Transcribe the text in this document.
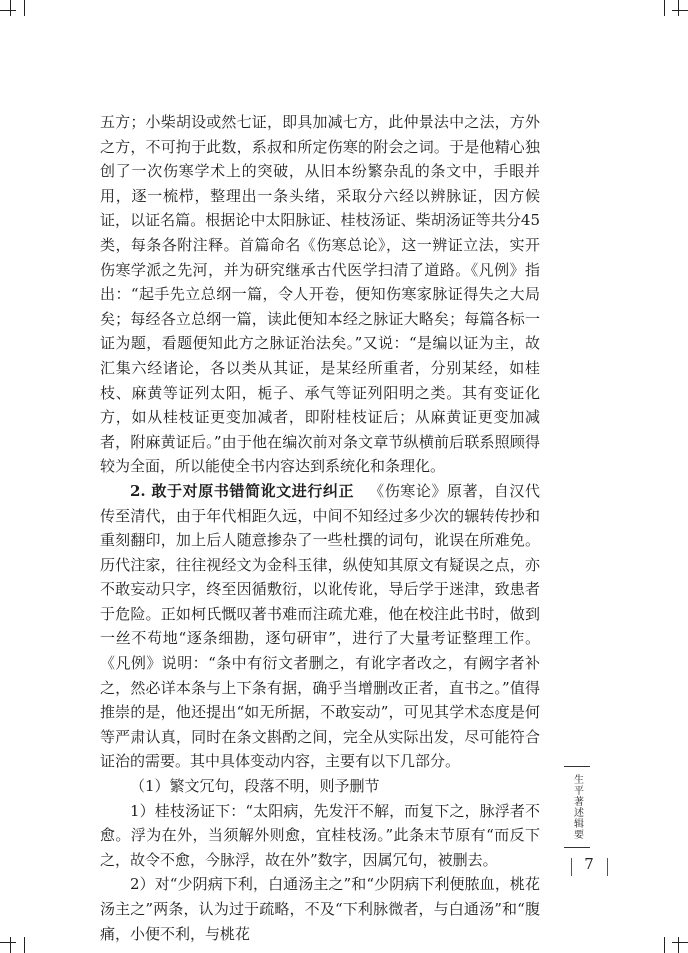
五方；小柴胡设或然七证，即具加减七方，此仲景法中之法，方外之方，不可拘于此数，系叔和所定伤寒的附会之词。于是他精心独创了一次伤寒学术上的突破，从旧本纷繁杂乱的条文中，手眼并用，逐一梳栉，整理出一条头绪，采取分六经以辨脉证，因方候证，以证名篇。根据论中太阳脉证、桂枝汤证、柴胡汤证等共分45类，每条各附注释。首篇命名《伤寒总论》，这一辨证立法，实开伤寒学派之先河，并为研究继承古代医学扫清了道路。《凡例》指出：“起手先立总纲一篇，令人开卷，便知伤寒家脉证得失之大局矣；每经各立总纲一篇，读此便知本经之脉证大略矣；每篇各标一证为题，看题便知此方之脉证治法矣。”又说：“是编以证为主，故汇集六经诸论，各以类从其证，是某经所重者，分别某经，如桂枝、麻黄等证列太阳，栀子、承气等证列阳明之类。其有变证化方，如从桂枝证更变加减者，即附桂枝证后；从麻黄证更变加减者，附麻黄证后。”由于他在编次前对条文章节纵横前后联系照顾得较为全面，所以能使全书内容达到系统化和条理化。

2. 敢于对原书错简讹文进行纠正 《伤寒论》原著，自汉代传至清代，由于年代相距久远，中间不知经过多少次的辗转传抄和重刻翻印，加上后人随意掺杂了一些杜撰的词句，讹误在所难免。历代注家，往往视经文为金科玉律，纵使知其原文有疑误之点，亦不敢妄动只字，终至因循敷衍，以讹传讹，导后学于迷津，致患者于危险。正如柯氏慨叹著书难而注疏尤难，他在校注此书时，做到一丝不苟地“逐条细勘，逐句研审”，进行了大量考证整理工作。《凡例》说明：“条中有衍文者删之，有讹字者改之，有阙字者补之，然必详本条与上下条有据，确乎当增删改正者，直书之。”值得推崇的是，他还提出“如无所据，不敢妄动”，可见其学术态度是何等严肃认真，同时在条文斟酌之间，完全从实际出发，尽可能符合证治的需要。其中具体变动内容，主要有以下几部分。

（1）繁文冗句，段落不明，则予删节

1）桂枝汤证下：“太阳病，先发汗不解，而复下之，脉浮者不愈。浮为在外，当须解外则愈，宜桂枝汤。”此条末节原有“而反下之，故令不愈，今脉浮，故在外”数字，因属冗句，被删去。

2）对“少阴病下利，白通汤主之”和“少阴病下利便脓血，桃花汤主之”两条，认为过于疏略，不及“下利脉微者，与白通汤”和“腹痛，小便不利，与桃花

生平著述辑要
7
